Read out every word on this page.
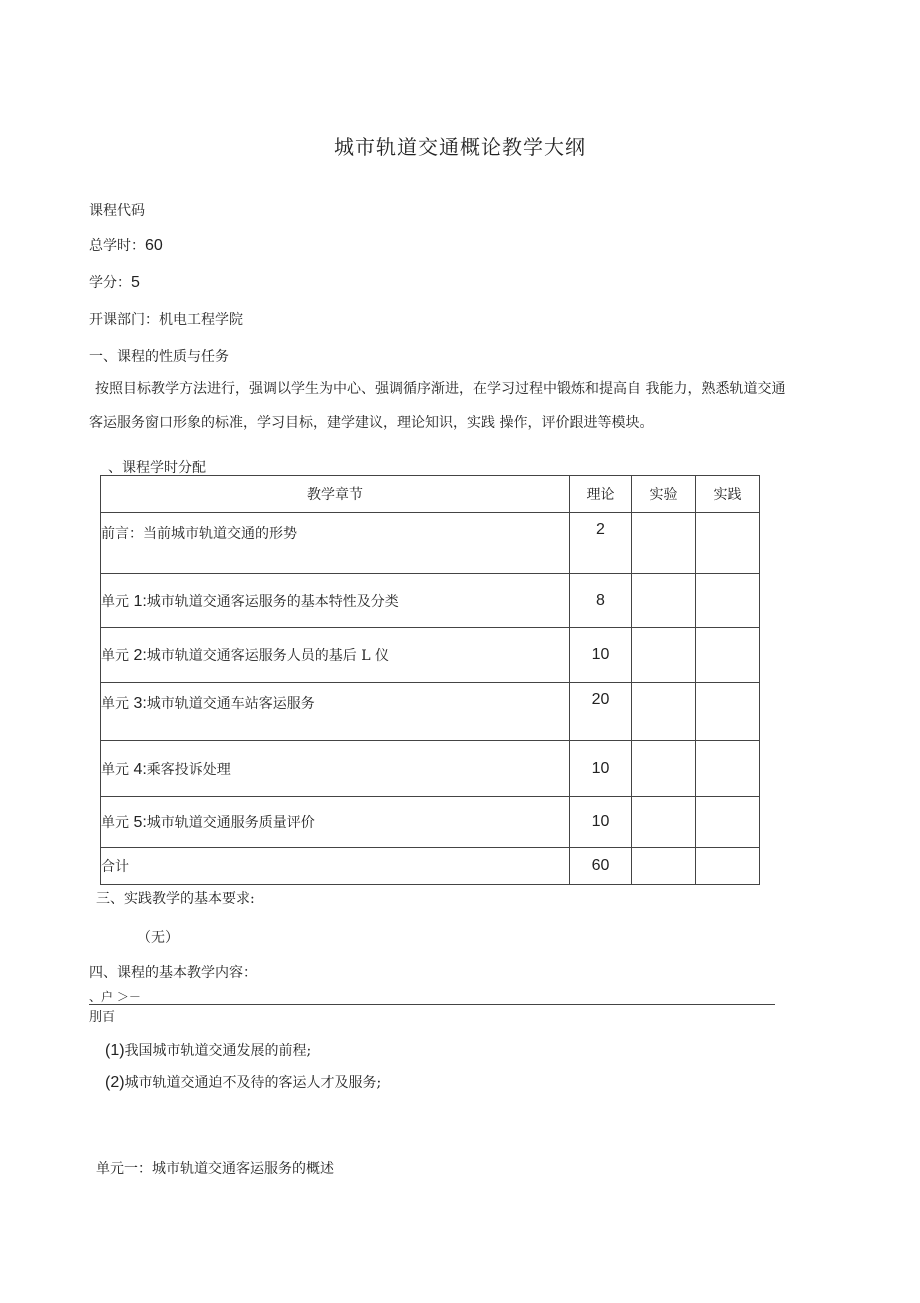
城市轨道交通概论教学大纲
课程代码
总学时：60
学分：5
开课部门：机电工程学院
一、课程的性质与任务
按照目标教学方法进行，强调以学生为中心、强调循序渐进，在学习过程中锻炼和提高自 我能力，熟悉轨道交通客运服务窗口形象的标准，学习目标，建学建议，理论知识，实践 操作，评价跟进等模块。
、课程学时分配
教学章节	理论	实验	实践
前言：当前城市轨道交通的形势	2		
单元 1:城市轨道交通客运服务的基本特性及分类	8		
单元 2:城市轨道交通客运服务人员的基后 L 仪	10		
单元 3:城市轨道交通车站客运服务	20		
单元 4:乘客投诉处理	10		
单元 5:城市轨道交通服务质量评价	10		
合计	60		
三、实践教学的基本要求:
（无）
四、课程的基本教学内容：
、户 ＞－
刖百
(1)我国城市轨道交通发展的前程;
(2)城市轨道交通迫不及待的客运人才及服务;
单元一：城市轨道交通客运服务的概述
